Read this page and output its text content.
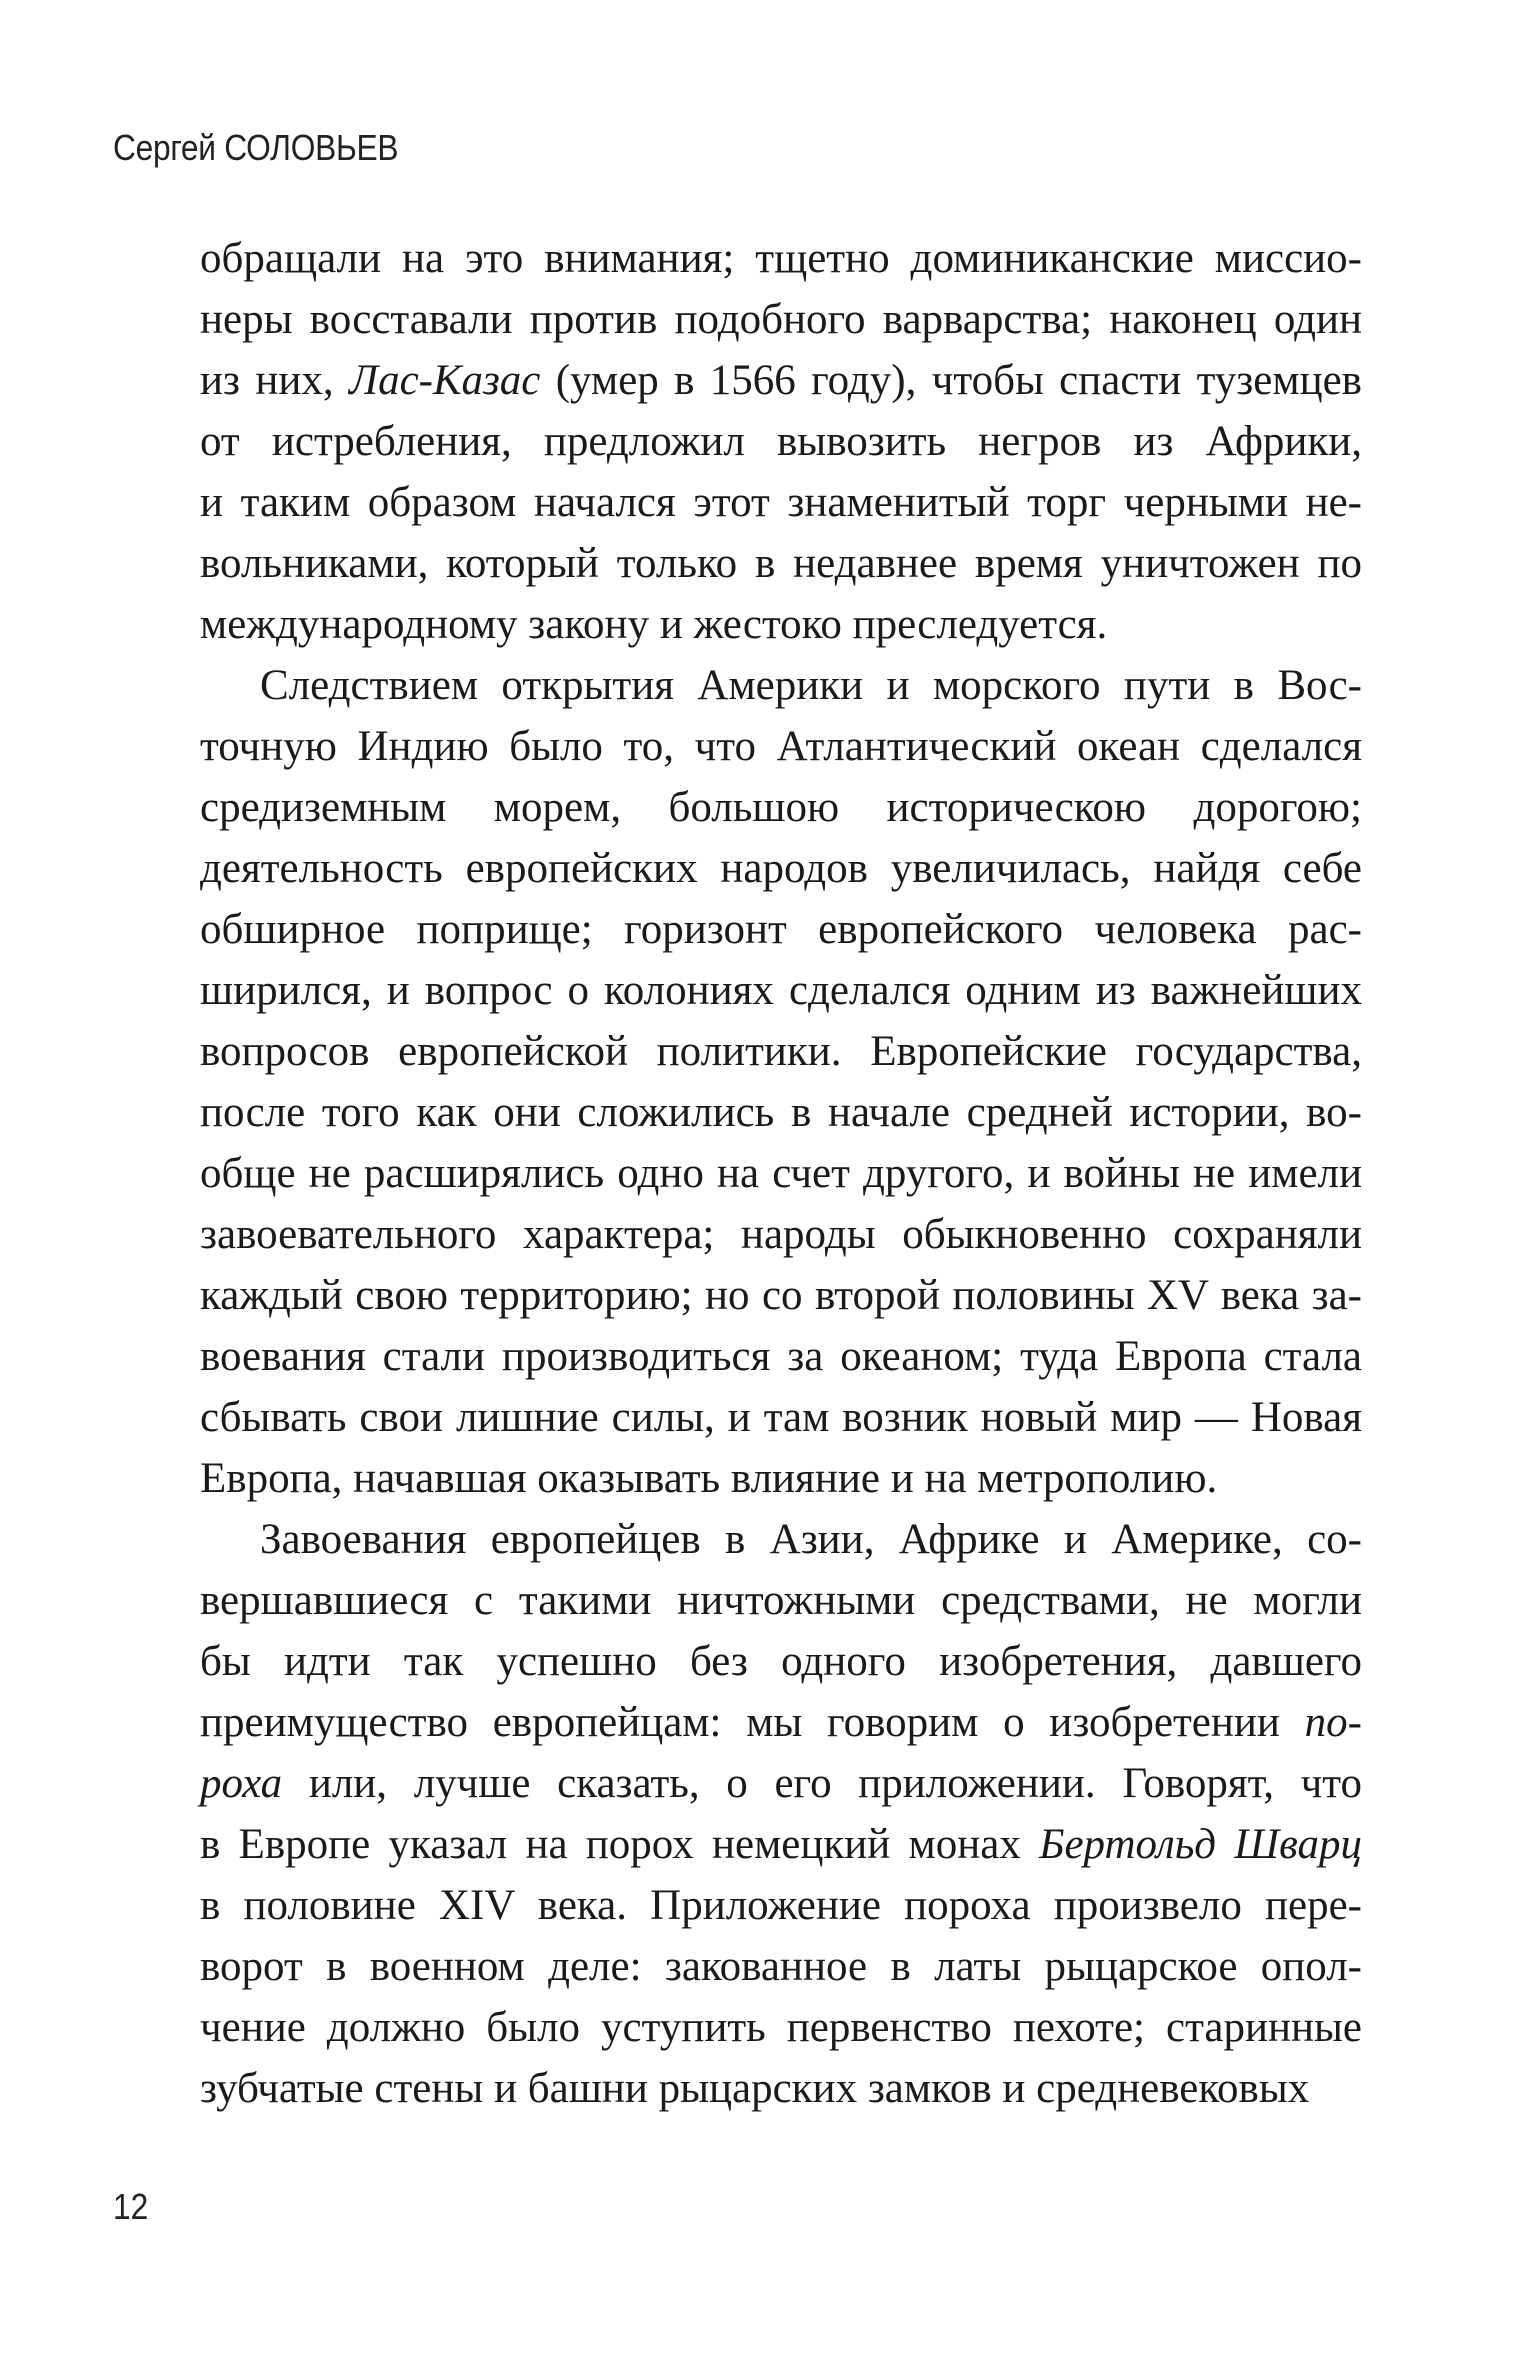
Сергей СОЛОВЬЕВ
обращали на это внимания; тщетно доминиканские миссио-
неры восставали против подобного варварства; наконец один
из них, Лас-Казас (умер в 1566 году), чтобы спасти туземцев
от истребления, предложил вывозить негров из Африки,
и таким образом начался этот знаменитый торг черными не-
вольниками, который только в недавнее время уничтожен по
международному закону и жестоко преследуется.
Следствием открытия Америки и морского пути в Вос-
точную Индию было то, что Атлантический океан сделался
средиземным морем, большою историческою дорогою;
деятельность европейских народов увеличилась, найдя себе
обширное поприще; горизонт европейского человека рас-
ширился, и вопрос о колониях сделался одним из важнейших
вопросов европейской политики. Европейские государства,
после того как они сложились в начале средней истории, во-
обще не расширялись одно на счет другого, и войны не имели
завоевательного характера; народы обыкновенно сохраняли
каждый свою территорию; но со второй половины XV века за-
воевания стали производиться за океаном; туда Европа стала
сбывать свои лишние силы, и там возник новый мир — Новая
Европа, начавшая оказывать влияние и на метрополию.
Завоевания европейцев в Азии, Африке и Америке, со-
вершавшиеся с такими ничтожными средствами, не могли
бы идти так успешно без одного изобретения, давшего
преимущество европейцам: мы говорим о изобретении по-
роха или, лучше сказать, о его приложении. Говорят, что
в Европе указал на порох немецкий монах Бертольд Шварц
в половине XIV века. Приложение пороха произвело пере-
ворот в военном деле: закованное в латы рыцарское опол-
чение должно было уступить первенство пехоте; старинные
зубчатые стены и башни рыцарских замков и средневековых
12
